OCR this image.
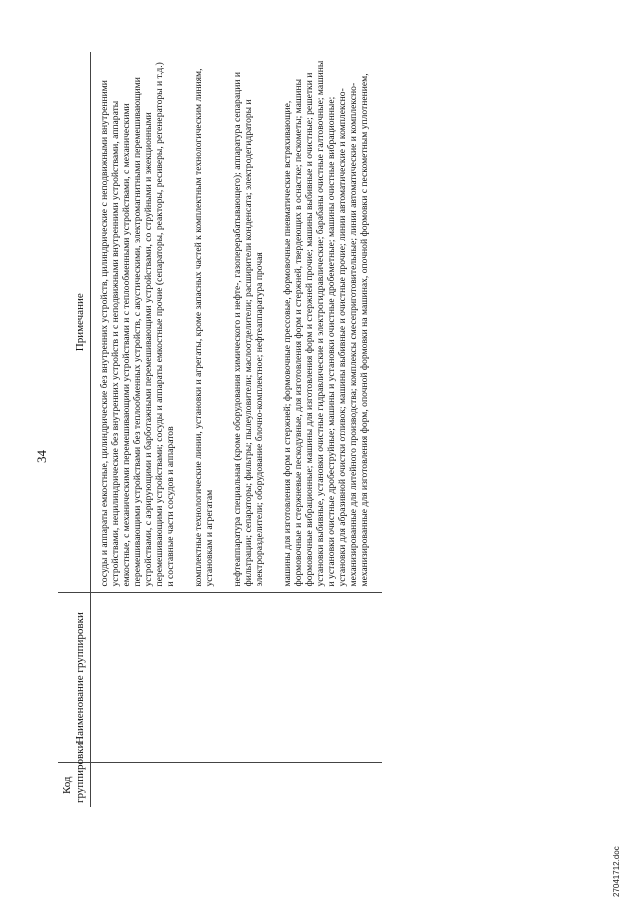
34
Код группировки	Наименование группировки	Примечание
		сосуды и аппараты емкостные, цилиндрические без внутренних устройств, цилиндрические с неподвижными внутренними устройствами, нецилиндрические без внутренних устройств и с неподвижными внутренними устройствами, аппараты емкостные, с механическими перемешивающими устройствами и с теплообменными устройствами, с механическими перемешивающими устройствами без теплообменных устройств, с акустическими, электромагнитными перемешивающими устройствами, с аэрирующими и барботажными перемешивающими устройствами, со струйными и эжекционными перемешивающими устройствами; сосуды и аппараты емкостные прочие (сепараторы, реакторы, ресиверы, регенераторы и т.д.) и составные части сосудов и аппаратов
		комплектные технологические линии, установки и агрегаты, кроме запасных частей к комплектным технологическим линиям, установкам и агрегатам
		нефтеаппаратура специальная (кроме оборудования химического и нефте-, газоперерабатывающего); аппаратура сепарации и фильтрации; сепараторы; фильтры; пылеуловители; маслоотделители; расширители конденсата; электродегидраторы и электроразделители; оборудование блочно-комплектное; нефтеаппаратура прочая
		машины для изготовления форм и стержней; формовочные прессовые, формовочные пневматические встряхивающие, формовочные и стержневые пескодувные, для изготовления форм и стержней, твердеющих в оснастке; пескометы; машины формовочные вибрационные; машины для изготовления форм и стержней прочие; машины выбивные и очистные; решетки и установки выбивные, установки очистные гидравлические и электрогидравлические; барабаны очистные галтовочные; машины и установки очистные дробеструйные; машины и установки очистные дробеметные; машины очистные вибрационные; установки для абразивной очистки отливок; машины выбивные и очистные прочие; линии автоматические и комплексно-механизированные для литейного производства; комплексы смесеприготовительные; линии автоматические и комплексно-механизированные для изготовления форм, опочной формовки на машинах, опочной формовки с пескометным уплотнением,
27041712.doc
